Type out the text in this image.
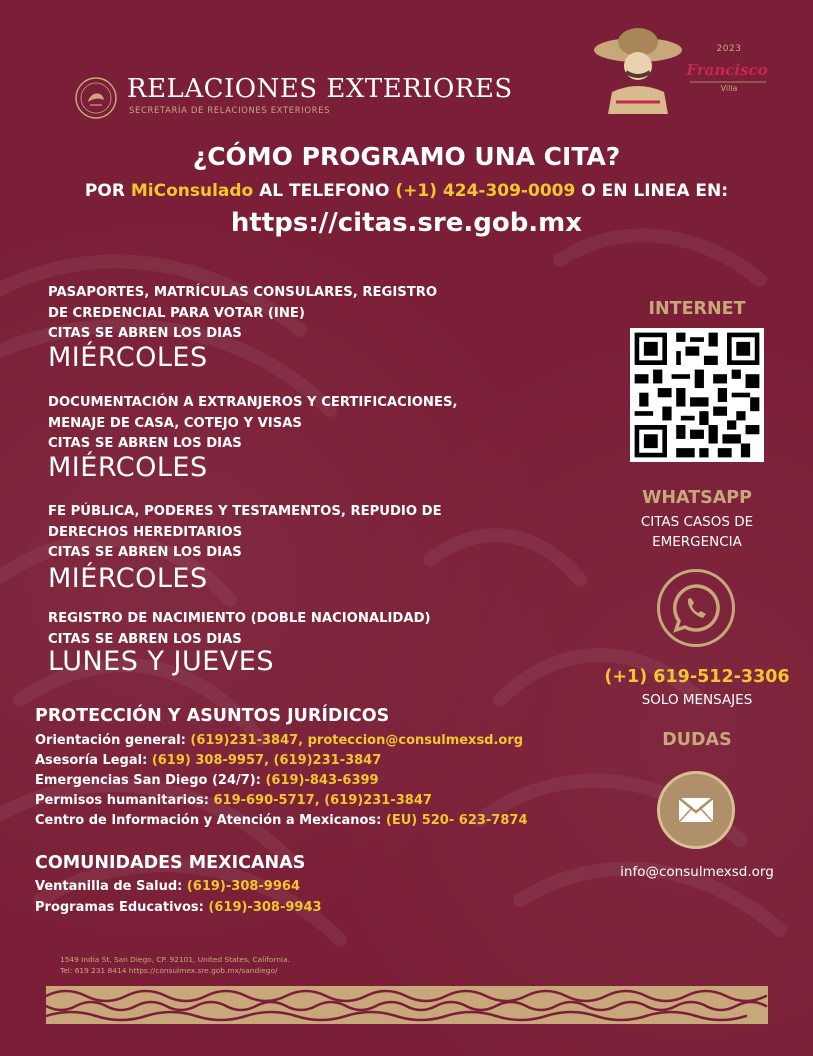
RELACIONES EXTERIORES
SECRETARÍA DE RELACIONES EXTERIORES
2023
Francisco
Villa
¿CÓMO PROGRAMO UNA CITA?
POR MiConsulado AL TELEFONO (+1) 424-309-0009 O EN LINEA EN:
https://citas.sre.gob.mx
PASAPORTES, MATRÍCULAS CONSULARES, REGISTRO
DE CREDENCIAL PARA VOTAR (INE)
CITAS SE ABREN LOS DIAS
MIÉRCOLES
DOCUMENTACIÓN A EXTRANJEROS Y CERTIFICACIONES,
MENAJE DE CASA, COTEJO Y VISAS
CITAS SE ABREN LOS DIAS
MIÉRCOLES
FE PÚBLICA, PODERES Y TESTAMENTOS, REPUDIO DE
DERECHOS HEREDITARIOS
CITAS SE ABREN LOS DIAS
MIÉRCOLES
REGISTRO DE NACIMIENTO (DOBLE NACIONALIDAD)
CITAS SE ABREN LOS DIAS
LUNES Y JUEVES
INTERNET
WHATSAPP
CITAS CASOS DE
EMERGENCIA
(+1) 619-512-3306
SOLO MENSAJES
DUDAS
info@consulmexsd.org
PROTECCIÓN Y ASUNTOS JURÍDICOS
Orientación general: (619)231-3847, proteccion@consulmexsd.org
Asesoría Legal: (619) 308-9957, (619)231-3847
Emergencias San Diego (24/7): (619)-843-6399
Permisos humanitarios: 619-690-5717, (619)231-3847
Centro de Información y Atención a Mexicanos: (EU) 520- 623-7874
COMUNIDADES MEXICANAS
Ventanilla de Salud: (619)-308-9964
Programas Educativos: (619)-308-9943
1549 India St, San Diego, CP. 92101, United States, California.
Tel: 619 231 8414 https://consulmex.sre.gob.mx/sandiego/
